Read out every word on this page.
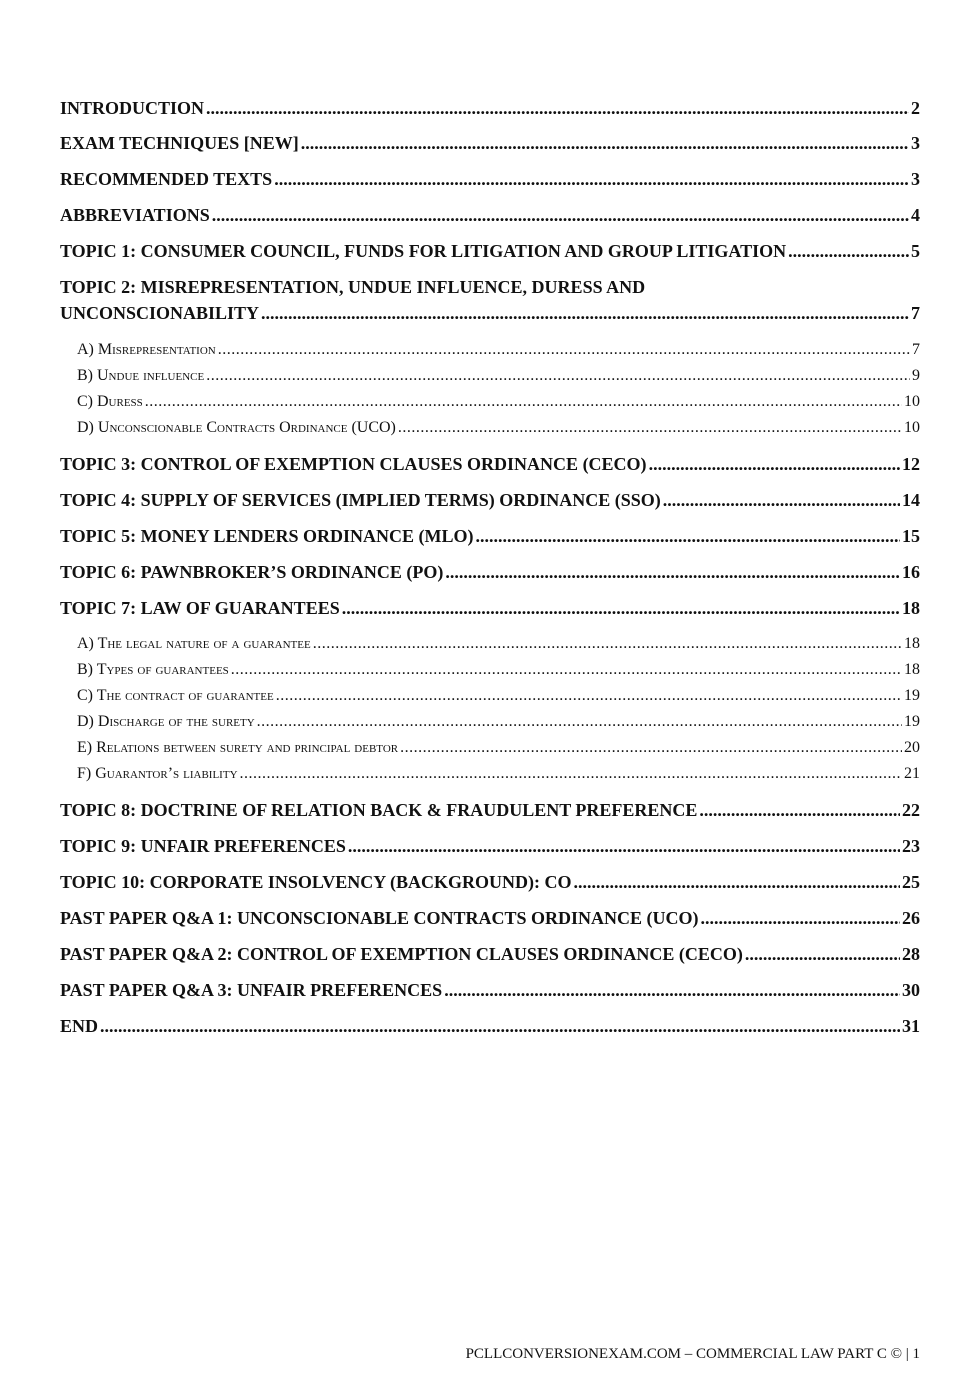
INTRODUCTION .....	2
EXAM TECHNIQUES [NEW] .....	3
RECOMMENDED TEXTS .....	3
ABBREVIATIONS .....	4
TOPIC 1: CONSUMER COUNCIL, FUNDS FOR LITIGATION AND GROUP LITIGATION .....	5
TOPIC 2: MISREPRESENTATION, UNDUE INFLUENCE, DURESS AND
UNCONSCIONABILITY .....	7
A) Misrepresentation .....	7
B) Undue influence .....	9
C) Duress .....	10
D) Unconscionable Contracts Ordinance (UCO) .....	10
TOPIC 3: CONTROL OF EXEMPTION CLAUSES ORDINANCE (CECO) .....	12
TOPIC 4: SUPPLY OF SERVICES (IMPLIED TERMS) ORDINANCE (SSO) .....	14
TOPIC 5: MONEY LENDERS ORDINANCE (MLO) .....	15
TOPIC 6: PAWNBROKER’S ORDINANCE (PO) .....	16
TOPIC 7: LAW OF GUARANTEES .....	18
A) The legal nature of a guarantee .....	18
B) Types of guarantees .....	18
C) The contract of guarantee .....	19
D) Discharge of the surety .....	19
E) Relations between surety and principal debtor .....	20
F) Guarantor’s liability .....	21
TOPIC 8: DOCTRINE OF RELATION BACK & FRAUDULENT PREFERENCE .....	22
TOPIC 9: UNFAIR PREFERENCES .....	23
TOPIC 10: CORPORATE INSOLVENCY (BACKGROUND): CO .....	25
PAST PAPER Q&A 1: UNCONSCIONABLE CONTRACTS ORDINANCE (UCO) .....	26
PAST PAPER Q&A 2: CONTROL OF EXEMPTION CLAUSES ORDINANCE (CECO) .....	28
PAST PAPER Q&A 3: UNFAIR PREFERENCES .....	30
END .....	31
PCLLCONVERSIONEXAM.COM – COMMERCIAL LAW PART C © | 1
